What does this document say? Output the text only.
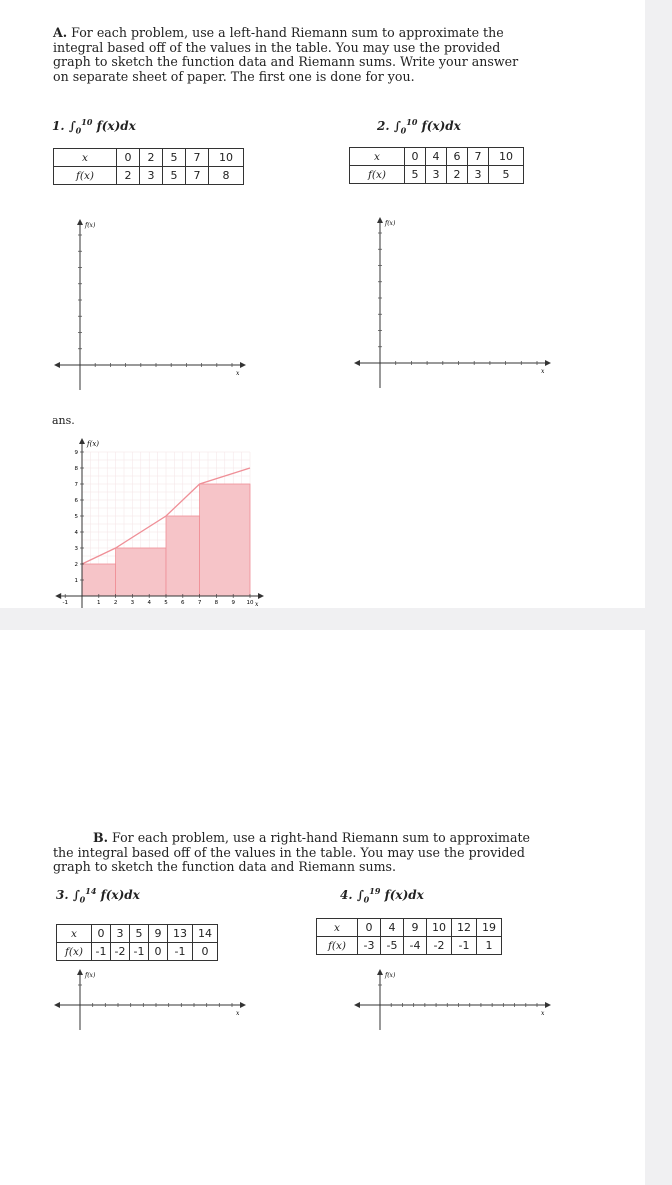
A. For each problem, use a left-hand Riemann sum to approximate the integral based off of the values in the table. You may use the provided graph to sketch the function data and Riemann sums. Write your answer on separate sheet of paper. The first one is done for you.
1. $\int_0^{10}$ f(x)dx
x	0	2	5	7	10
f(x)	2	3	5	7	8
2. $\int_0^{10}$ f(x)dx
x	0	4	6	7	10
f(x)	5	3	2	3	5
f(x)
x
f(x)
x
ans.
-1	1 2 3 4 5 6 7 8 9 10
1
2
3
4
5
6
7
8
9
f(x)
x
B. For each problem, use a right-hand Riemann sum to approximate the integral based off of the values in the table. You may use the provided graph to sketch the function data and Riemann sums.
3. $\int_0^{14}$ f(x)dx
x	0	3	5	9	13	14
f(x)	-1	-2	-1	0	-1	0
4. $\int_0^{19}$ f(x)dx
x	0	4	9	10	12	19
f(x)	-3	-5	-4	-2	-1	1
f(x)
x
f(x)
x
